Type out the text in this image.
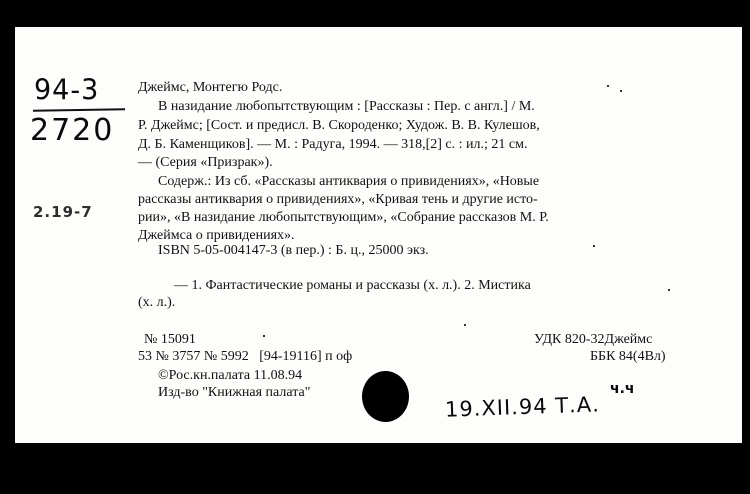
94-3
2720
2.19-7
Джеймс, Монтегю Родс.
В назидание любопытствующим : [Рассказы : Пер. с англ.] / М.
Р. Джеймс; [Сост. и предисл. В. Скороденко; Худож. В. В. Кулешов,
Д. Б. Каменщиков]. — М. : Радуга, 1994. — 318,[2] с. : ил.; 21 см.
— (Серия «Призрак»).
Содерж.: Из сб. «Рассказы антиквария о привидениях», «Новые
рассказы антиквария о привидениях», «Кривая тень и другие исто-
рии», «В назидание любопытствующим», «Собрание рассказов М. Р.
Джеймса о привидениях».
ISBN 5-05-004147-3 (в пер.) : Б. ц., 25000 экз.
— 1. Фантастические романы и рассказы (х. л.). 2. Мистика
(х. л.).
№ 15091
53 № 3757 № 5992   [94-19116] п оф
©Рос.кн.палата 11.08.94
Изд-во "Книжная палата"
УДК 820-32Джеймс
ББК 84(4Вл)
19.XII.94 Т.А.
ч.ч
